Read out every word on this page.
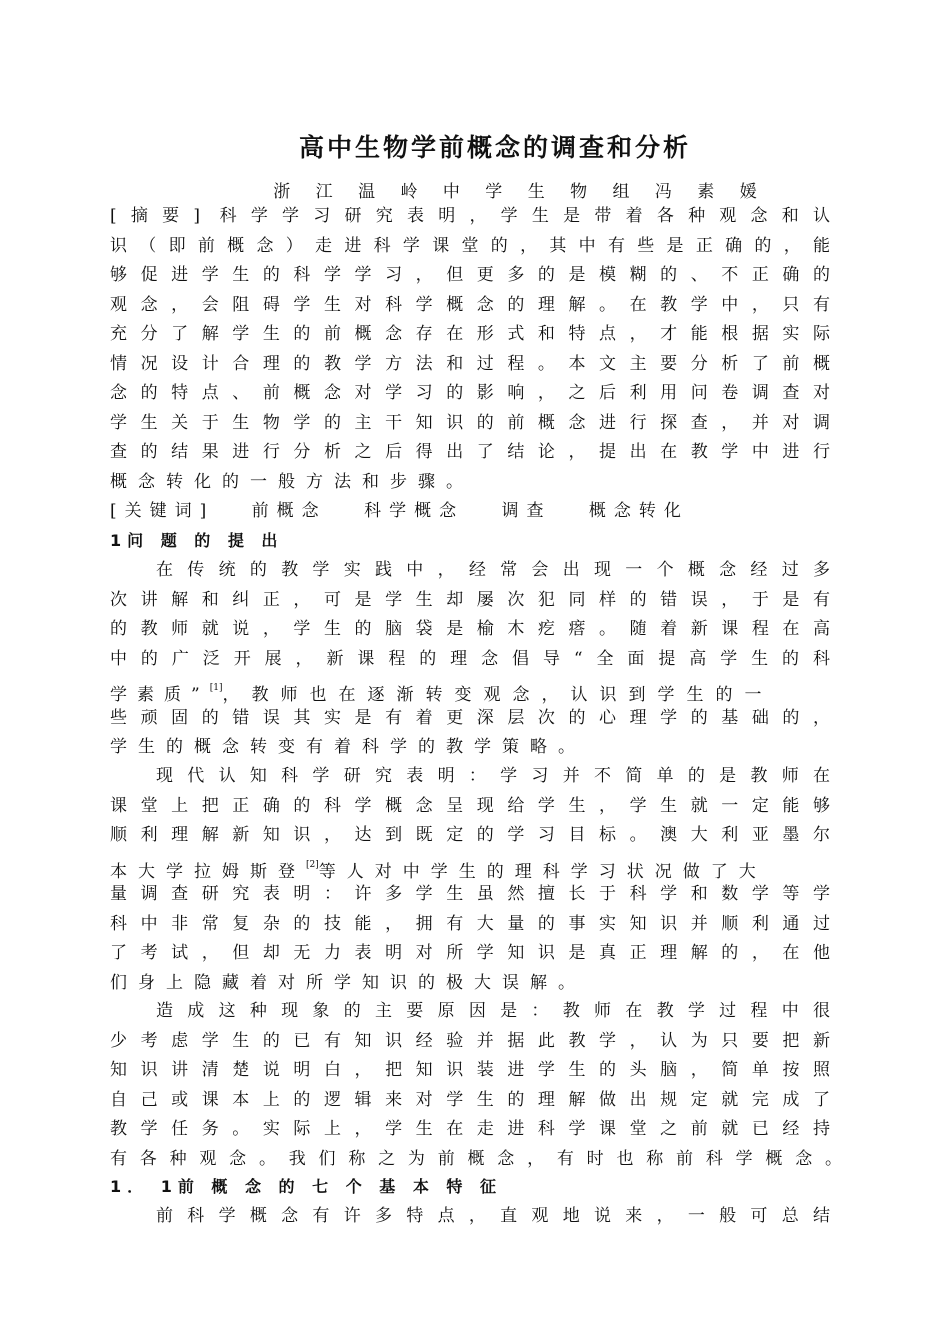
高中生物学前概念的调查和分析
浙 江 温 岭 中 学 生 物 组 冯 素 媛
[摘要] 科学学习研究表明，学生是带着各种观念和认
识（即前概念）走进科学课堂的，其中有些是正确的，能
够促进学生的科学学习，但更多的是模糊的、不正确的
观念，会阻碍学生对科学概念的理解。在教学中，只有
充分了解学生的前概念存在形式和特点，才能根据实际
情况设计合理的教学方法和过程。本文主要分析了前概
念的特点、前概念对学习的影响，之后利用问卷调查对
学生关于生物学的主干知识的前概念进行探查，并对调
查的结果进行分析之后得出了结论，提出在教学中进行
概念转化的一般方法和步骤。
[关键词] 前概念 科学概念 调查 概念转化
1问 题 的 提 出
在传统的教学实践中，经常会出现一个概念经过多
次讲解和纠正，可是学生却屡次犯同样的错误，于是有
的教师就说，学生的脑袋是榆木疙瘩。随着新课程在高
中的广泛开展，新课程的理念倡导“全面提高学生的科
学素质”[1]，教师也在逐渐转变观念，认识到学生的一
些顽固的错误其实是有着更深层次的心理学的基础的，
学生的概念转变有着科学的教学策略。
现代认知科学研究表明：学习并不简单的是教师在
课堂上把正确的科学概念呈现给学生，学生就一定能够
顺利理解新知识，达到既定的学习目标。澳大利亚墨尔
本大学拉姆斯登[2]等人对中学生的理科学习状况做了大
量调查研究表明：许多学生虽然擅长于科学和数学等学
科中非常复杂的技能，拥有大量的事实知识并顺利通过
了考试，但却无力表明对所学知识是真正理解的，在他
们身上隐藏着对所学知识的极大误解。
造成这种现象的主要原因是：教师在教学过程中很
少考虑学生的已有知识经验并据此教学，认为只要把新
知识讲清楚说明白，把知识装进学生的头脑，简单按照
自己或课本上的逻辑来对学生的理解做出规定就完成了
教学任务。实际上，学生在走进科学课堂之前就已经持
有各种观念。我们称之为前概念，有时也称前科学概念。
1． 1前 概 念 的 七 个 基 本 特 征
前科学概念有许多特点，直观地说来，一般可总结
